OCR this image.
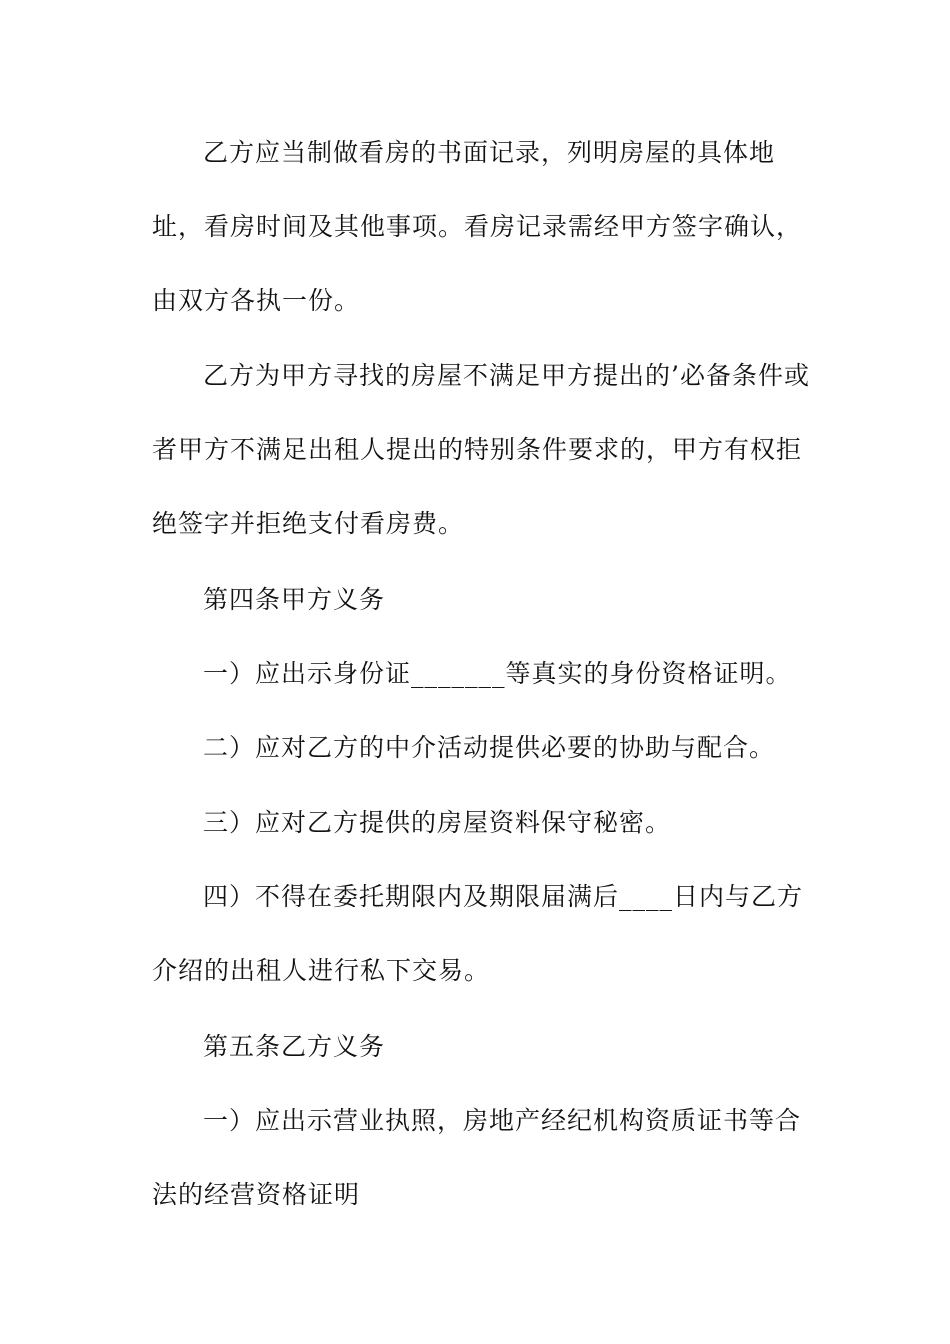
乙方应当制做看房的书面记录，列明房屋的具体地
址，看房时间及其他事项。看房记录需经甲方签字确认，
由双方各执一份。
乙方为甲方寻找的房屋不满足甲方提出的’必备条件或
者甲方不满足出租人提出的特别条件要求的，甲方有权拒
绝签字并拒绝支付看房费。
第四条甲方义务
一）应出示身份证_______等真实的身份资格证明。
二）应对乙方的中介活动提供必要的协助与配合。
三）应对乙方提供的房屋资料保守秘密。
四）不得在委托期限内及期限届满后____日内与乙方
介绍的出租人进行私下交易。
第五条乙方义务
一）应出示营业执照，房地产经纪机构资质证书等合
法的经营资格证明
